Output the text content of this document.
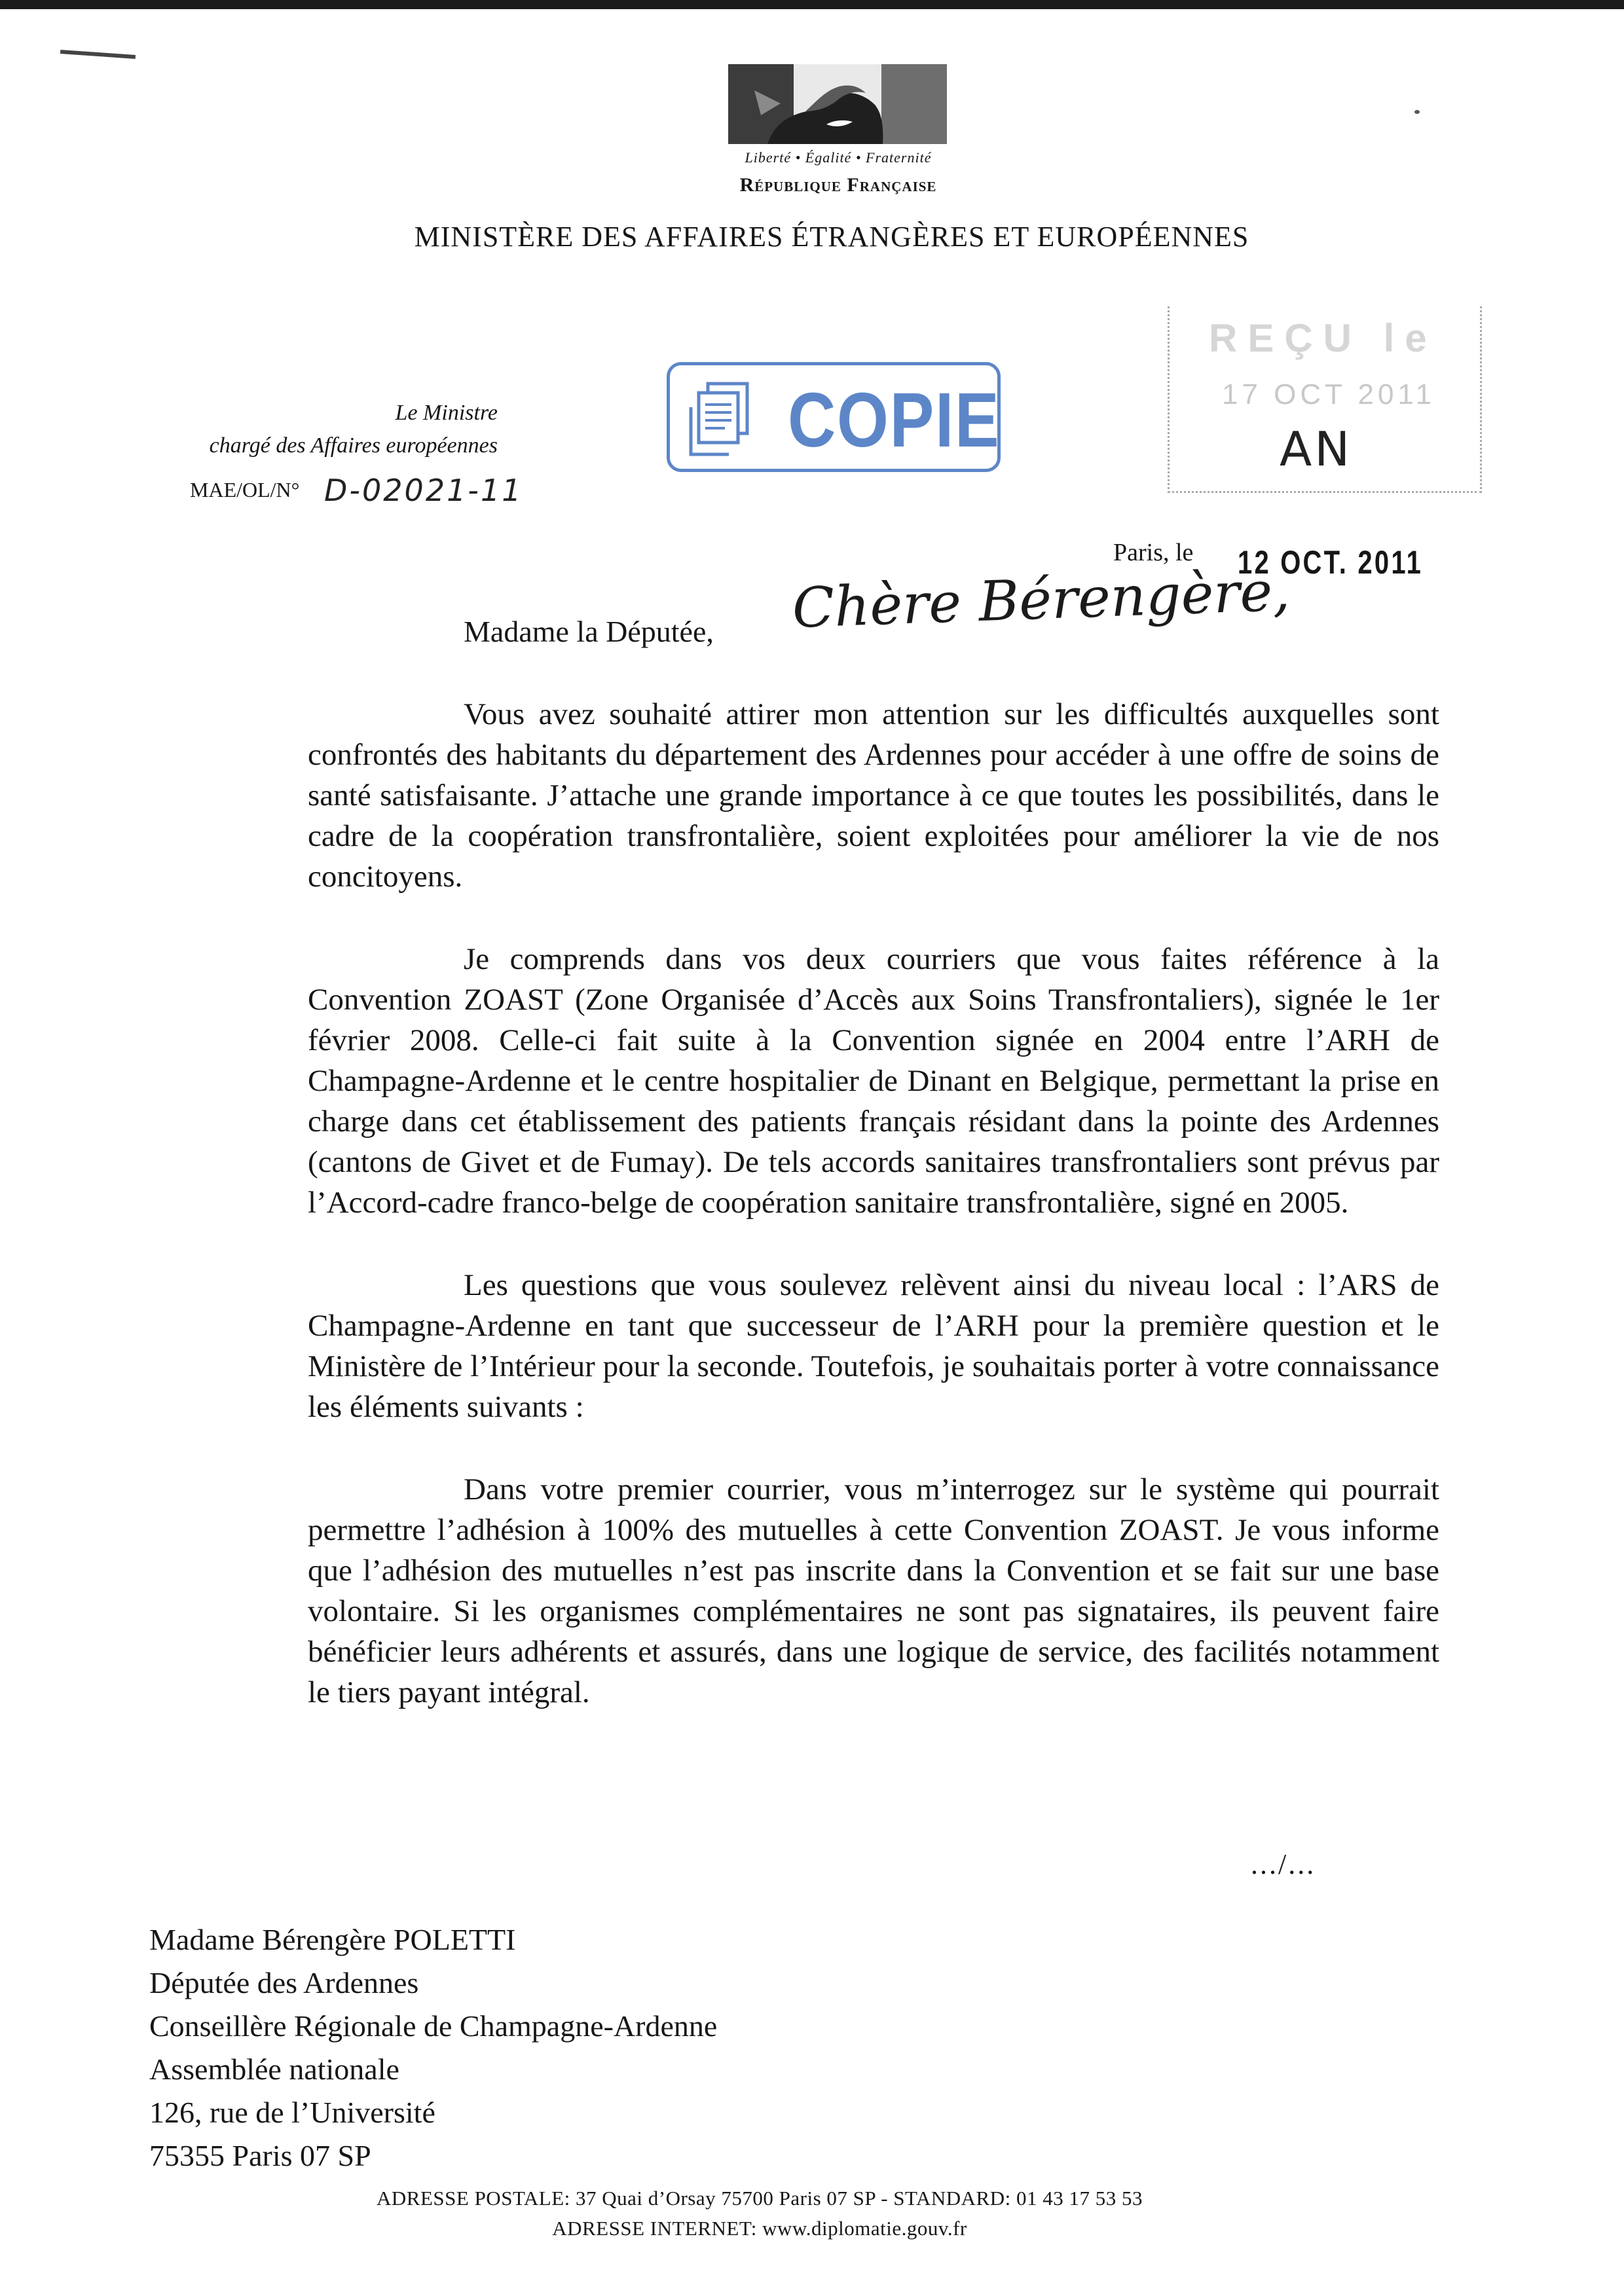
Liberté • Égalité • Fraternité
République Française
MINISTÈRE DES AFFAIRES ÉTRANGÈRES ET EUROPÉENNES
Le Ministre
chargé des Affaires européennes
MAE/OL/N° D-02021-11
COPIE
REÇU le
17 OCT 2011
AN
Paris, le 12 OCT. 2011
Madame la Députée, Chère Bérengère,

Vous avez souhaité attirer mon attention sur les difficultés auxquelles sont confrontés des habitants du département des Ardennes pour accéder à une offre de soins de santé satisfaisante. J’attache une grande importance à ce que toutes les possibilités, dans le cadre de la coopération transfrontalière, soient exploitées pour améliorer la vie de nos concitoyens.

Je comprends dans vos deux courriers que vous faites référence à la Convention ZOAST (Zone Organisée d’Accès aux Soins Transfrontaliers), signée le 1er février 2008. Celle-ci fait suite à la Convention signée en 2004 entre l’ARH de Champagne-Ardenne et le centre hospitalier de Dinant en Belgique, permettant la prise en charge dans cet établissement des patients français résidant dans la pointe des Ardennes (cantons de Givet et de Fumay). De tels accords sanitaires transfrontaliers sont prévus par l’Accord-cadre franco-belge de coopération sanitaire transfrontalière, signé en 2005.

Les questions que vous soulevez relèvent ainsi du niveau local : l’ARS de Champagne-Ardenne en tant que successeur de l’ARH pour la première question et le Ministère de l’Intérieur pour la seconde. Toutefois, je souhaitais porter à votre connaissance les éléments suivants :

Dans votre premier courrier, vous m’interrogez sur le système qui pourrait permettre l’adhésion à 100% des mutuelles à cette Convention ZOAST. Je vous informe que l’adhésion des mutuelles n’est pas inscrite dans la Convention et se fait sur une base volontaire. Si les organismes complémentaires ne sont pas signataires, ils peuvent faire bénéficier leurs adhérents et assurés, dans une logique de service, des facilités notamment le tiers payant intégral.

.../...
Madame Bérengère POLETTI
Députée des Ardennes
Conseillère Régionale de Champagne-Ardenne
Assemblée nationale
126, rue de l’Université
75355 Paris 07 SP
ADRESSE POSTALE: 37 Quai d’Orsay 75700 Paris 07 SP - STANDARD: 01 43 17 53 53
ADRESSE INTERNET: www.diplomatie.gouv.fr
